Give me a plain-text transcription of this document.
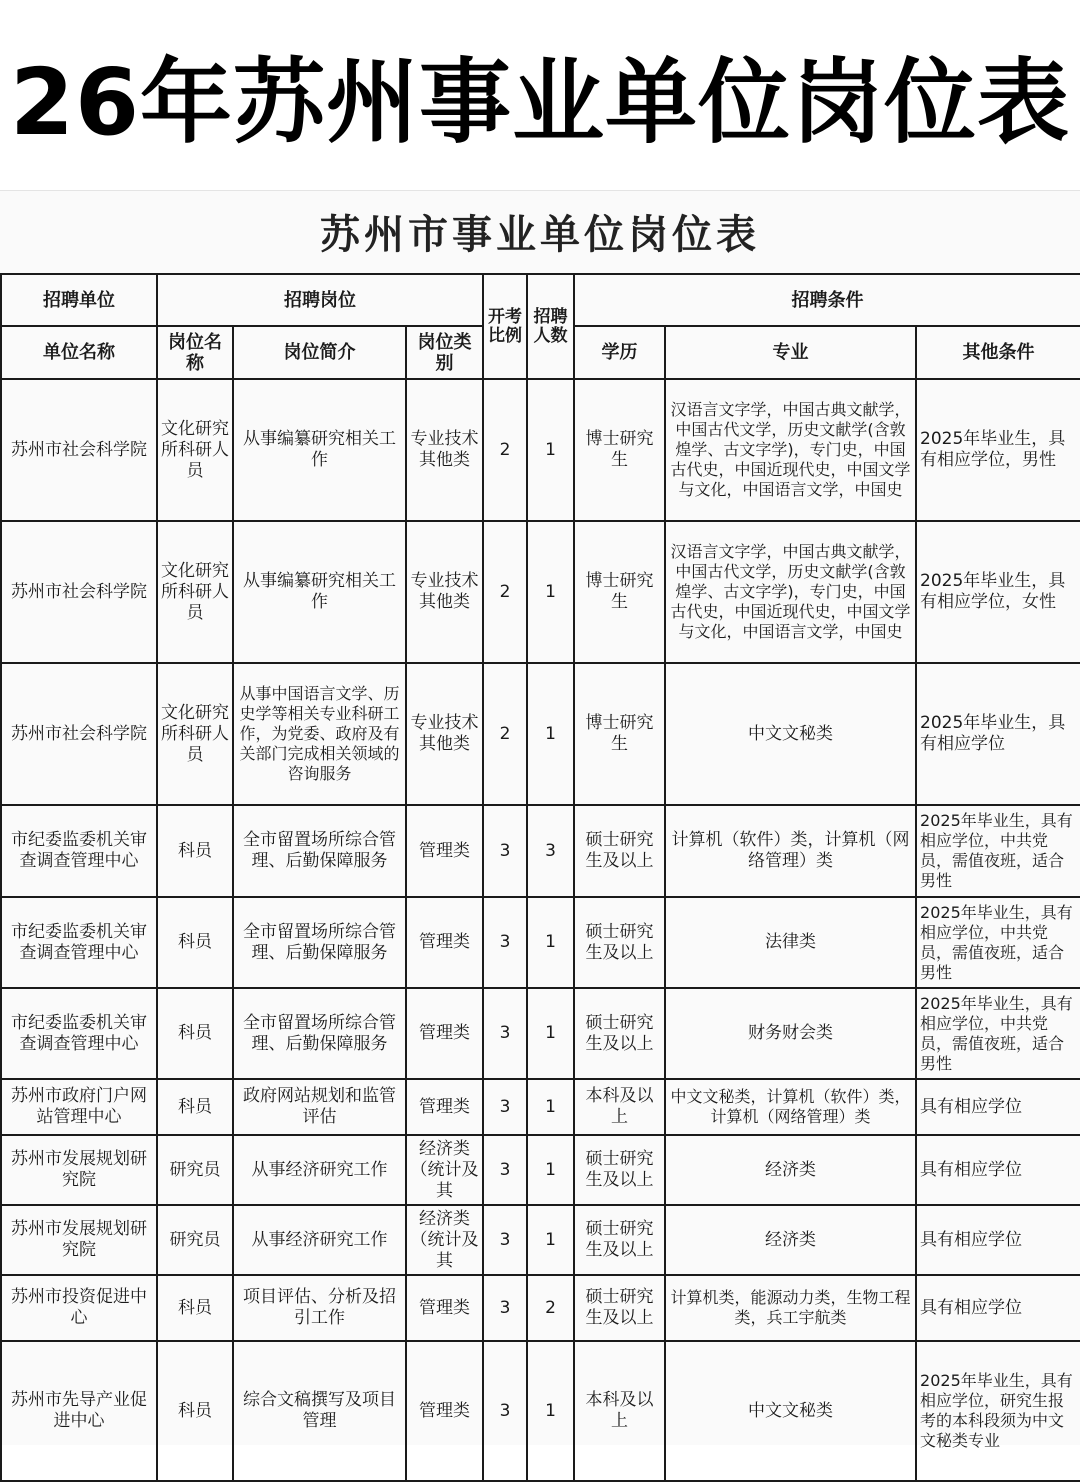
26年苏州事业单位岗位表
苏州市事业单位岗位表
招聘单位	招聘岗位			开考比例	招聘人数	招聘条件		
单位名称	岗位名称	岗位简介	岗位类别			学历	专业	其他条件
苏州市社会科学院	文化研究所科研人员	从事编纂研究相关工作	专业技术其他类	2	1	博士研究生	汉语言文字学，中国古典文献学，中国古代文学，历史文献学(含敦煌学、古文字学)，专门史，中国古代史，中国近现代史，中国文学与文化，中国语言文学，中国史	2025年毕业生，具有相应学位，男性
苏州市社会科学院	文化研究所科研人员	从事编纂研究相关工作	专业技术其他类	2	1	博士研究生	汉语言文字学，中国古典文献学，中国古代文学，历史文献学(含敦煌学、古文字学)，专门史，中国古代史，中国近现代史，中国文学与文化，中国语言文学，中国史	2025年毕业生，具有相应学位，女性
苏州市社会科学院	文化研究所科研人员	从事中国语言文学、历史学等相关专业科研工作，为党委、政府及有关部门完成相关领域的咨询服务	专业技术其他类	2	1	博士研究生	中文文秘类	2025年毕业生，具有相应学位
市纪委监委机关审查调查管理中心	科员	全市留置场所综合管理、后勤保障服务	管理类	3	3	硕士研究生及以上	计算机（软件）类，计算机（网络管理）类	2025年毕业生，具有相应学位，中共党员，需值夜班，适合男性
市纪委监委机关审查调查管理中心	科员	全市留置场所综合管理、后勤保障服务	管理类	3	1	硕士研究生及以上	法律类	2025年毕业生，具有相应学位，中共党员，需值夜班，适合男性
市纪委监委机关审查调查管理中心	科员	全市留置场所综合管理、后勤保障服务	管理类	3	1	硕士研究生及以上	财务财会类	2025年毕业生，具有相应学位，中共党员，需值夜班，适合男性
苏州市政府门户网站管理中心	科员	政府网站规划和监管评估	管理类	3	1	本科及以上	中文文秘类，计算机（软件）类，计算机（网络管理）类	具有相应学位
苏州市发展规划研究院	研究员	从事经济研究工作	经济类（统计及其	3	1	硕士研究生及以上	经济类	具有相应学位
苏州市发展规划研究院	研究员	从事经济研究工作	经济类（统计及其	3	1	硕士研究生及以上	经济类	具有相应学位
苏州市投资促进中心	科员	项目评估、分析及招引工作	管理类	3	2	硕士研究生及以上	计算机类，能源动力类，生物工程类，兵工宇航类	具有相应学位
苏州市先导产业促进中心	科员	综合文稿撰写及项目管理	管理类	3	1	本科及以上	中文文秘类	2025年毕业生，具有相应学位，研究生报考的本科段须为中文文秘类专业
